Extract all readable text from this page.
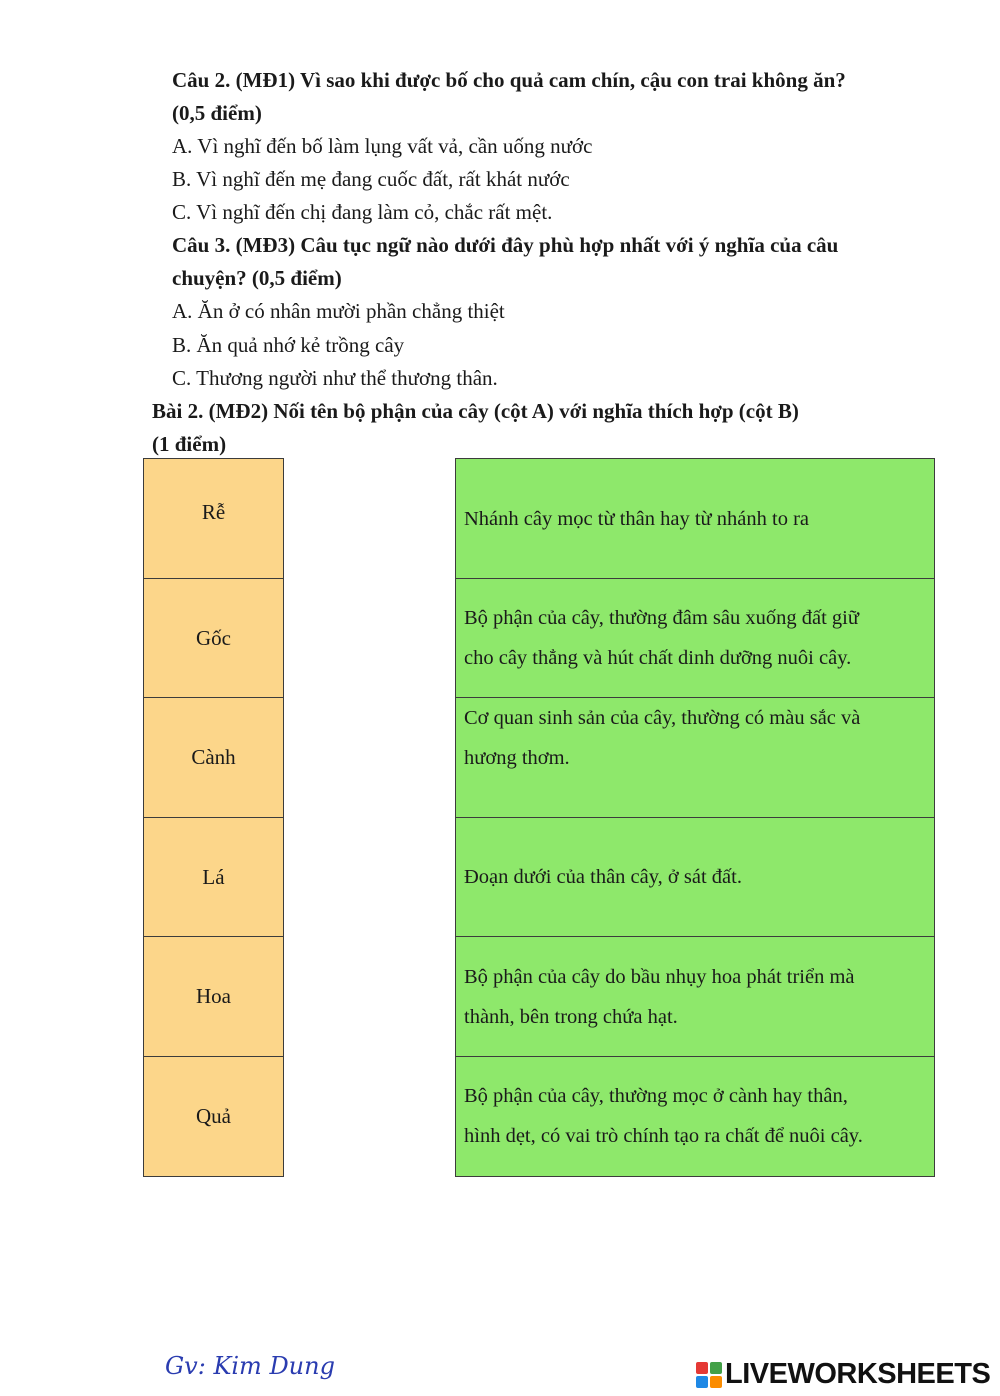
Câu 2. (MĐ1) Vì sao khi được bố cho quả cam chín, cậu con trai không ăn?
(0,5 điểm)
A. Vì nghĩ đến bố làm lụng vất vả, cần uống nước
B. Vì nghĩ đến mẹ đang cuốc đất, rất khát nước
C. Vì nghĩ đến chị đang làm cỏ, chắc rất mệt.
Câu 3. (MĐ3) Câu tục ngữ nào dưới đây phù hợp nhất với ý nghĩa của câu
chuyện? (0,5 điểm)
A. Ăn ở có nhân mười phần chẳng thiệt
B. Ăn quả nhớ kẻ trồng cây
C. Thương người như thể thương thân.
Bài 2. (MĐ2) Nối tên bộ phận của cây (cột A) với nghĩa thích hợp (cột B)
(1 điểm)
Rễ
Gốc
Cành
Lá
Hoa
Quả
Nhánh cây mọc từ thân hay từ nhánh to ra
Bộ phận của cây, thường đâm sâu xuống đất giữ
cho cây thẳng và hút chất dinh dưỡng nuôi cây.
Cơ quan sinh sản của cây, thường có màu sắc và
hương thơm.
Đoạn dưới của thân cây, ở sát đất.
Bộ phận của cây do bầu nhụy hoa phát triển mà
thành, bên trong chứa hạt.
Bộ phận của cây, thường mọc ở cành hay thân,
hình dẹt, có vai trò chính tạo ra chất để nuôi cây.
Gv: Kim Dung	LIVEWORKSHEETS
